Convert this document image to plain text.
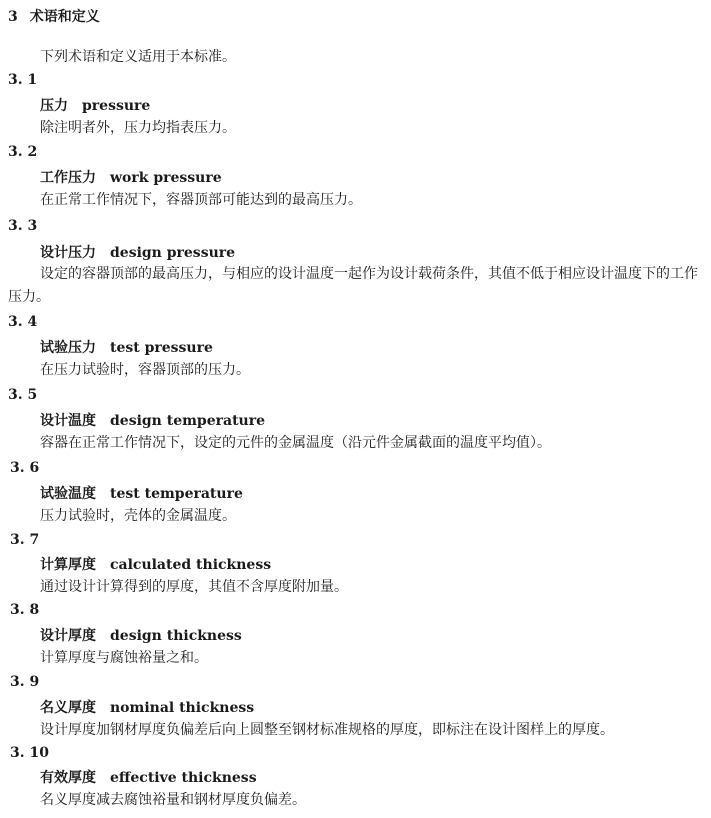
3 术语和定义
下列术语和定义适用于本标准。
3. 1
压力 pressure
除注明者外，压力均指表压力。
3. 2
工作压力 work pressure
在正常工作情况下，容器顶部可能达到的最高压力。
3. 3
设计压力 design pressure
设定的容器顶部的最高压力，与相应的设计温度一起作为设计载荷条件，其值不低于相应设计温度下的工作压力。
3. 4
试验压力 test pressure
在压力试验时，容器顶部的压力。
3. 5
设计温度 design temperature
容器在正常工作情况下，设定的元件的金属温度（沿元件金属截面的温度平均值）。
3. 6
试验温度 test temperature
压力试验时，壳体的金属温度。
3. 7
计算厚度 calculated thickness
通过设计计算得到的厚度，其值不含厚度附加量。
3. 8
设计厚度 design thickness
计算厚度与腐蚀裕量之和。
3. 9
名义厚度 nominal thickness
设计厚度加钢材厚度负偏差后向上圆整至钢材标准规格的厚度，即标注在设计图样上的厚度。
3. 10
有效厚度 effective thickness
名义厚度减去腐蚀裕量和钢材厚度负偏差。
